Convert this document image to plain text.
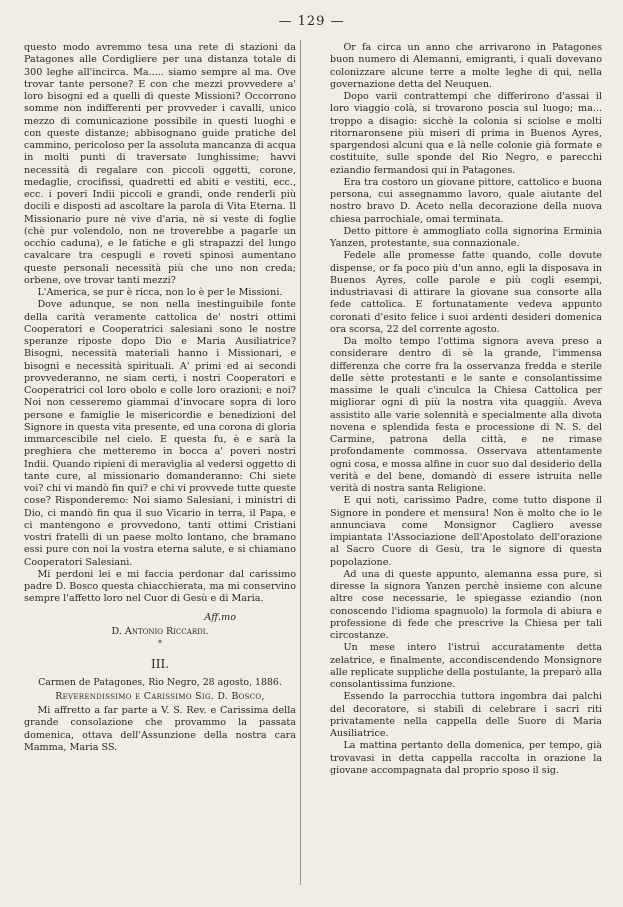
— 129 —

questo modo avremmo tesa una rete di stazioni da Patagones alle Cordigliere per una distanza totale di 300 leghe all'incirca. Ma..... siamo sempre al ma. Ove trovar tante persone? E con che mezzi provvedere a' loro bisogni ed a quelli di queste Missioni? Occorrono somme non indifferenti per provveder i cavalli, unico mezzo di comunicazione possibile in questi luoghi e con queste distanze; abbisognano guide pratiche del cammino, pericoloso per la assoluta mancanza di acqua in molti punti di traversate lunghissime; havvi necessità di regalare con piccoli oggetti, corone, medaglie, crocifissi, quadretti ed abiti e vestiti, ecc., ecc. i poveri Indii piccoli e grandi, onde renderli più docili e disposti ad ascoltare la parola di Vita Eterna. Il Missionario pure nè vive d'aria, nè si veste di foglie (chè pur volendolo, non ne troverebbe a pagarle un occhio caduna), e le fatiche e gli strapazzi del lungo cavalcare tra cespugli e roveti spinosi aumentano queste personali necessità più che uno non creda; orbene, ove trovar tanti mezzi?

L'America, se pur è ricca, non lo è per le Missioni.

Dove adunque, se non nella inestinguibile fonte della carità veramente cattolica de' nostri ottimi Cooperatori e Cooperatrici salesiani sono le nostre speranze riposte dopo Dio e Maria Ausiliatrice? Bisogni, necessità materiali hanno i Missionari, e bisogni e necessità spirituali. A' primi ed ai secondi provvederanno, ne siam certi, i nostri Cooperatori e Cooperatrici col loro obolo e colle loro orazioni; e noi? Noi non cesseremo giammai d'invocare sopra di loro persone e famiglie le misericordie e benedizioni del Signore in questa vita presente, ed una corona di gloria immarcescibile nel cielo. E questa fu, è e sarà la preghiera che metteremo in bocca a' poveri nostri Indii. Quando ripieni di meraviglia al vedersi oggetto di tante cure, al missionario domanderanno: Chi siete voi? chi vi mandò fin qui? e chi vi provvede tutte queste cose? Risponderemo: Noi siamo Salesiani, i ministri di Dio, ci mandò fin qua il suo Vicario in terra, il Papa, e ci mantengono e provvedono, tanti ottimi Cristiani vostri fratelli di un paese molto lontano, che bramano essi pure con noi la vostra eterna salute, e si chiamano Cooperatori Salesiani.

Mi perdoni lei e mi faccia perdonar dal carissimo padre D. Bosco questa chiacchierata, ma mi conservino sempre l'affetto loro nel Cuor di Gesù e di Maria.

Aff.mo
D. Antonio Riccardi.
*
III.
Carmen de Patagones, Rio Negro, 28 agosto, 1886.
Reverendissimo e Carissimo Sig. D. Bosco,

Mi affretto a far parte a V. S. Rev. e Carissima della grande consolazione che provammo la passata domenica, ottava dell'Assunzione della nostra cara Mamma, Maria SS.

Or fa circa un anno che arrivarono in Patagones buon numero di Alemanni, emigranti, i quali dovevano colonizzare alcune terre a molte leghe di qui, nella governazione detta del Neuquen.

Dopo varii contrattempi che differirono d'assai il loro viaggio colà, si trovarono poscia sul luogo; ma... troppo a disagio: sicchè la colonia si sciolse e molti ritornaronsene più miseri di prima in Buenos Ayres, spargendosi alcuni qua e là nelle colonie già formate e costituite, sulle sponde del Rio Negro, e parecchi eziandio fermandosi qui in Patagones.

Era tra costoro un giovane pittore, cattolico e buona persona, cui assegnammo lavoro, quale aiutante del nostro bravo D. Aceto nella decorazione della nuova chiesa parrochiale, omai terminata.

Detto pittore è ammogliato colla signorina Erminia Yanzen, protestante, sua connazionale.

Fedele alle promesse fatte quando, colle dovute dispense, or fa poco più d'un anno, egli la disposava in Buenos Ayres, colle parole e più cogli esempi, industriavasi di attirare la giovane sua consorte alla fede cattolica. E fortunatamente vedeva appunto coronati d'esito felice i suoi ardenti desideri domenica ora scorsa, 22 del corrente agosto.

Da molto tempo l'ottima signora aveva preso a considerare dentro di sè la grande, l'immensa differenza che corre fra la osservanza fredda e sterile delle sètte protestanti e le sante e consolantissime massime le quali c'inculca la Chiesa Cattolica per migliorar ogni dì più la nostra vita quaggiù. Aveva assistito alle varie solennità e specialmente alla divota novena e splendida festa e processione di N. S. del Carmine, patrona della città, e ne rimase profondamente commossa. Osservava attentamente ogni cosa, e mossa alfine in cuor suo dal desiderio della verità e del bene, domandò di essere istruita nelle verità di nostra santa Religione.

E qui noti, carissimo Padre, come tutto dispone il Signore in pondere et mensura! Non è molto che io le annunciava come Monsignor Cagliero avesse impiantata l'Associazione dell'Apostolato dell'orazione al Sacro Cuore di Gesù, tra le signore di questa popolazione.

Ad una di queste appunto, alemanna essa pure, si diresse la signora Yanzen perchè insieme con alcune altre cose necessarie, le spiegasse eziandio (non conoscendo l'idioma spagnuolo) la formola di abiura e professione di fede che prescrive la Chiesa per tali circostanze.

Un mese intero l'istruì accuratamente detta zelatrice, e finalmente, accondiscendendo Monsignore alle replicate suppliche della postulante, la preparò alla consolantissima funzione.

Essendo la parrocchia tuttora ingombra dai palchi del decoratore, si stabilì di celebrare i sacri riti privatamente nella cappella delle Suore di Maria Ausiliatrice.

La mattina pertanto della domenica, per tempo, già trovavasi in detta cappella raccolta in orazione la giovane accompagnata dal proprio sposo il sig.
